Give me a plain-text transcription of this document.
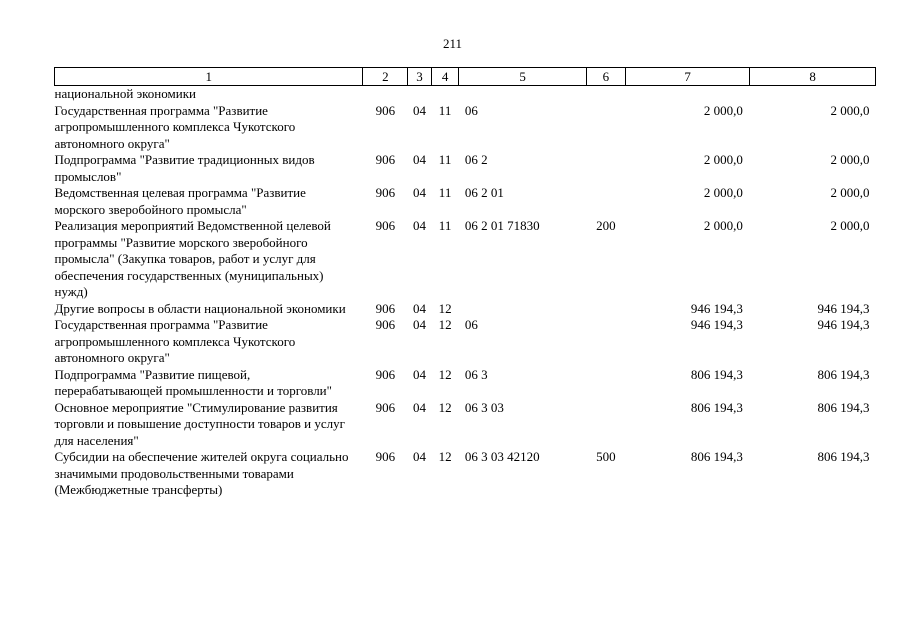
211
1	2	3	4	5	6	7	8
национальной экономики							
Государственная программа "Развитие агропромышленного комплекса Чукотского автономного округа"	906	04	11	06		2 000,0	2 000,0
Подпрограмма "Развитие традиционных видов промыслов"	906	04	11	06 2		2 000,0	2 000,0
Ведомственная целевая программа "Развитие морского зверобойного промысла"	906	04	11	06 2 01		2 000,0	2 000,0
Реализация мероприятий Ведомственной целевой программы "Развитие морского зверобойного промысла" (Закупка товаров, работ и услуг для обеспечения государственных (муниципальных) нужд)	906	04	11	06 2 01 71830	200	2 000,0	2 000,0
Другие вопросы в области национальной экономики	906	04	12			946 194,3	946 194,3
Государственная программа "Развитие агропромышленного комплекса Чукотского автономного округа"	906	04	12	06		946 194,3	946 194,3
Подпрограмма "Развитие пищевой, перерабатывающей промышленности и торговли"	906	04	12	06 3		806 194,3	806 194,3
Основное мероприятие "Стимулирование развития торговли и повышение доступности товаров и услуг для населения"	906	04	12	06 3 03		806 194,3	806 194,3
Субсидии на обеспечение жителей округа социально значимыми продовольственными товарами (Межбюджетные трансферты)	906	04	12	06 3 03 42120	500	806 194,3	806 194,3
